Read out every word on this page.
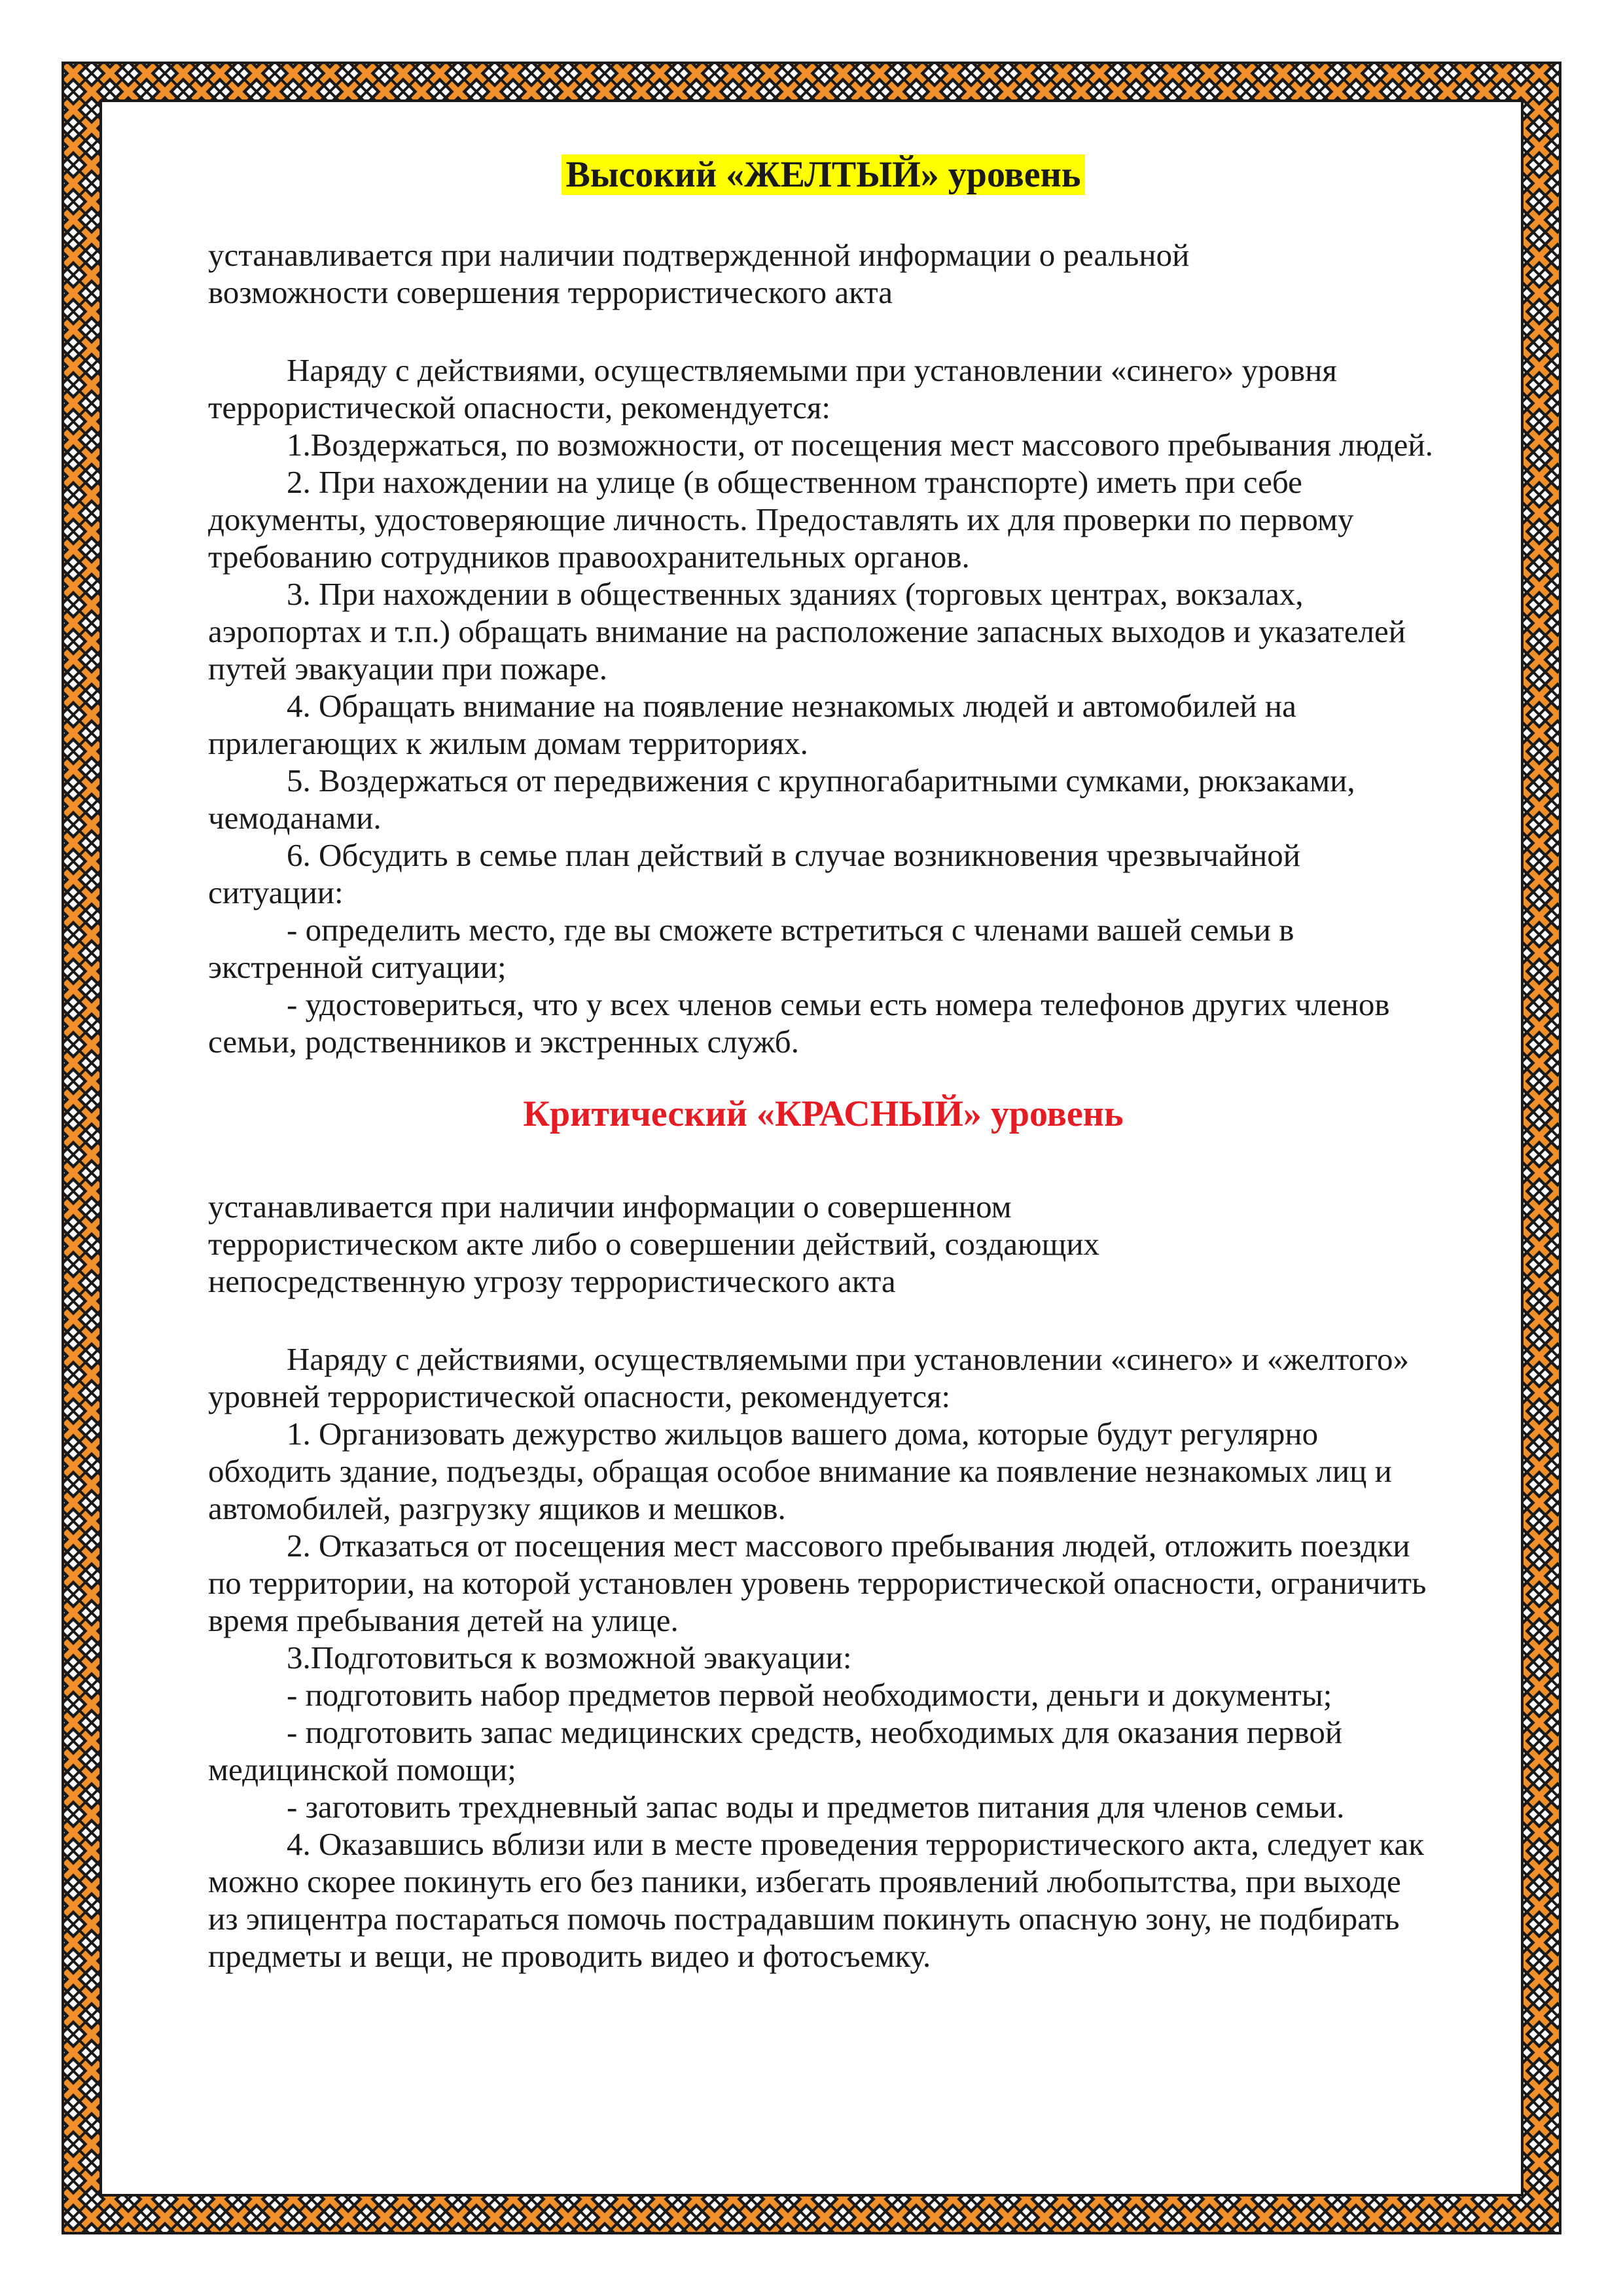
Высокий «ЖЕЛТЫЙ» уровень

устанавливается при наличии подтвержденной информации о реальной возможности совершения террористического акта

Наряду с действиями, осуществляемыми при установлении «синего» уровня террористической опасности, рекомендуется:

1.Воздержаться, по возможности, от посещения мест массового пребывания людей.

2. При нахождении на улице (в общественном транспорте) иметь при себе документы, удостоверяющие личность. Предоставлять их для проверки по первому требованию сотрудников правоохранительных органов.

3. При нахождении в общественных зданиях (торговых центрах, вокзалах, аэропортах и т.п.) обращать внимание на расположение запасных выходов и указателей путей эвакуации при пожаре.

4. Обращать внимание на появление незнакомых людей и автомобилей на прилегающих к жилым домам территориях.

5. Воздержаться от передвижения с крупногабаритными сумками, рюкзаками, чемоданами.

6. Обсудить в семье план действий в случае возникновения чрезвычайной ситуации:

- определить место, где вы сможете встретиться с членами вашей семьи в экстренной ситуации;

- удостовериться, что у всех членов семьи есть номера телефонов других членов семьи, родственников и экстренных служб.

Критический «КРАСНЫЙ» уровень

устанавливается при наличии информации о совершенном террористическом акте либо о совершении действий, создающих непосредственную угрозу террористического акта

Наряду с действиями, осуществляемыми при установлении «синего» и «желтого» уровней террористической опасности, рекомендуется:

1. Организовать дежурство жильцов вашего дома, которые будут регулярно обходить здание, подъезды, обращая особое внимание ка появление незнакомых лиц и автомобилей, разгрузку ящиков и мешков.

2. Отказаться от посещения мест массового пребывания людей, отложить поездки по территории, на которой установлен уровень террористической опасности, ограничить время пребывания детей на улице.

3.Подготовиться к возможной эвакуации:

- подготовить набор предметов первой необходимости, деньги и документы;

- подготовить запас медицинских средств, необходимых для оказания первой медицинской помощи;

- заготовить трехдневный запас воды и предметов питания для членов семьи.

4. Оказавшись вблизи или в месте проведения террористического акта, следует как можно скорее покинуть его без паники, избегать проявлений любопытства, при выходе из эпицентра постараться помочь пострадавшим покинуть опасную зону, не подбирать предметы и вещи, не проводить видео и фотосъемку.
